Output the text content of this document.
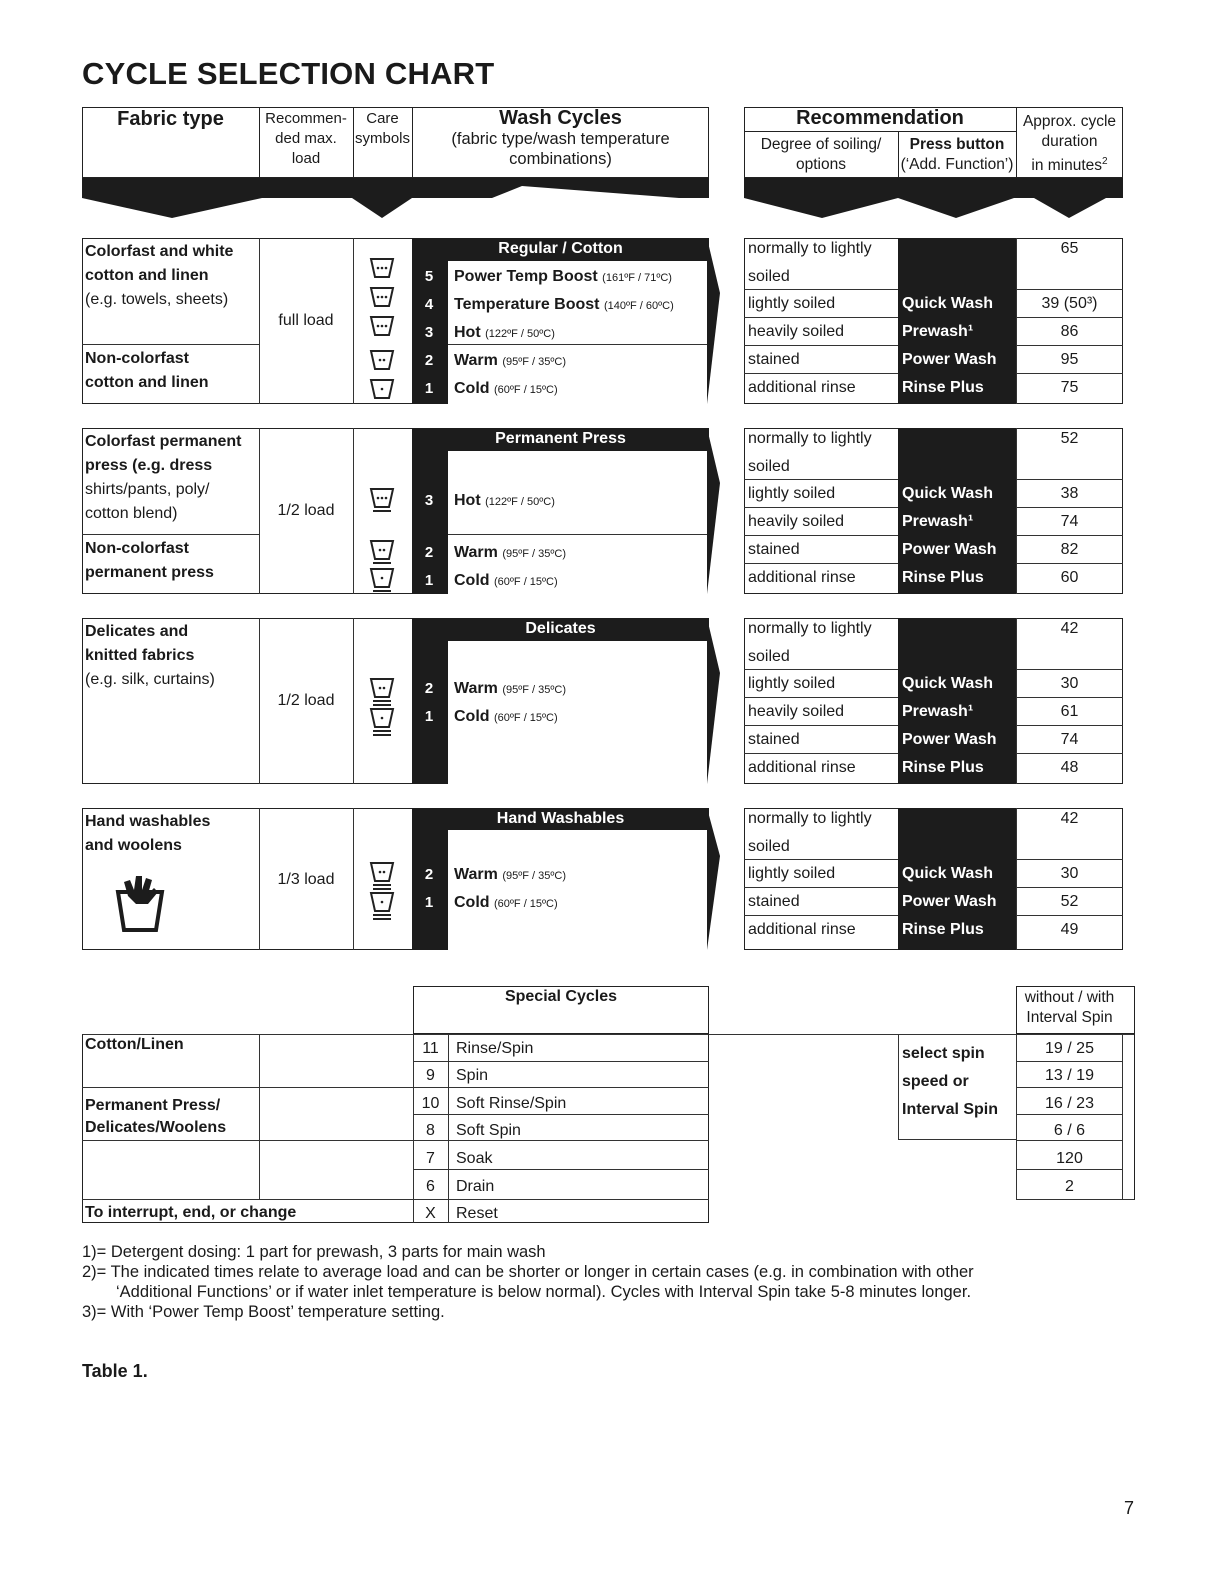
CYCLE SELECTION CHART
Fabric type	Recommen-
ded max.
load
Care
symbols
Wash Cycles
(fabric type/wash temperature
combinations)
Recommendation
Degree of soiling/
options
Press button
(‘Add. Function’)
Approx. cycle
duration
in minutes$^2$
Colorfast and white
cotton and linen
(e.g. towels, sheets)
Non-colorfast
cotton and linen
full load
Regular / Cotton
5
4
3
2
1
Power Temp Boost (161ºF / 71ºC)
Temperature Boost (140ºF / 60ºC)
Hot (122ºF / 50ºC)
Warm (95ºF / 35ºC)
Cold (60ºF / 15ºC)
normally to lightly
soiled
lightly soiled
heavily soiled
stained
additional rinse
Quick Wash
Prewash¹
Power Wash
Rinse Plus
65
39 (50³)
86
95
75
Colorfast permanent
press (e.g. dress
shirts/pants, poly/
cotton blend)
Non-colorfast
permanent press
1/2 load
Permanent Press
3
2
1
Hot (122ºF / 50ºC)
Warm (95ºF / 35ºC)
Cold (60ºF / 15ºC)
normally to lightly
soiled
lightly soiled
heavily soiled
stained
additional rinse
Quick Wash
Prewash¹
Power Wash
Rinse Plus
52
38
74
82
60
Delicates and
knitted fabrics
(e.g. silk, curtains)
1/2 load
Delicates
2
1
Warm (95ºF / 35ºC)
Cold (60ºF / 15ºC)
normally to lightly
soiled
lightly soiled
heavily soiled
stained
additional rinse
Quick Wash
Prewash¹
Power Wash
Rinse Plus
42
30
61
74
48
Hand washables
and woolens
1/3 load
Hand Washables
2
1
Warm (95ºF / 35ºC)
Cold (60ºF / 15ºC)
normally to lightly
soiled
lightly soiled
stained
additional rinse
Quick Wash
Power Wash
Rinse Plus
42
30
52
49
Special Cycles	without / with
Interval Spin
Cotton/Linen
Permanent Press/
Delicates/Woolens
To interrupt, end, or change
select spin
speed or
Interval Spin
11
9
10
8
7
6
X
Rinse/Spin
Spin
Soft Rinse/Spin
Soft Spin
Soak
Drain
Reset
19 / 25
13 / 19
16 / 23
6 / 6
120
2
1)= Detergent dosing: 1 part for prewash, 3 parts for main wash
2)= The indicated times relate to average load and can be shorter or longer in certain cases (e.g. in combination with other
‘Additional Functions’ or if water inlet temperature is below normal). Cycles with Interval Spin take 5-8 minutes longer.
3)= With ‘Power Temp Boost’ temperature setting.
Table 1.
7
